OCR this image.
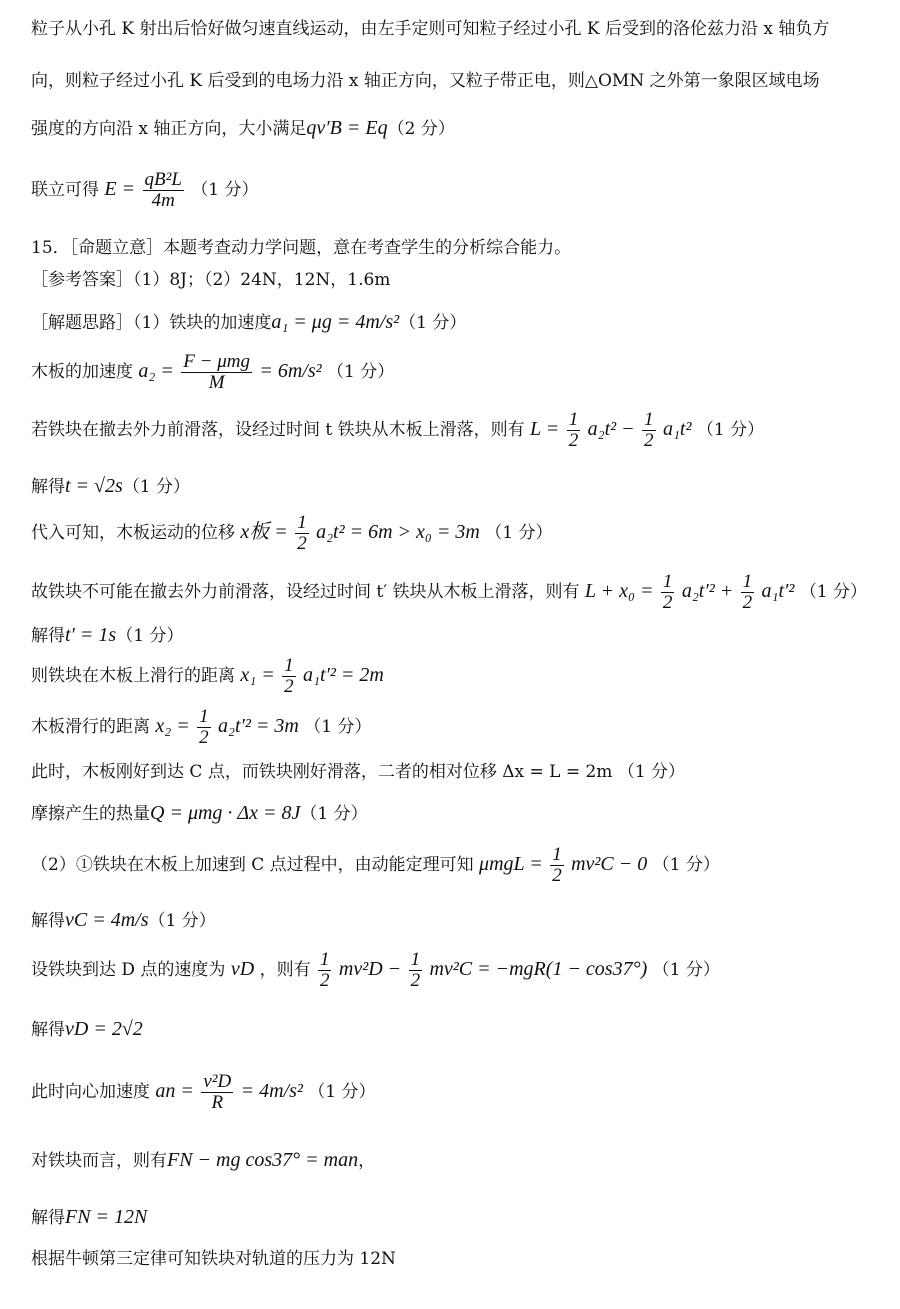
粒子从小孔 K 射出后恰好做匀速直线运动，由左手定则可知粒子经过小孔 K 后受到的洛伦兹力沿 x 轴负方
向，则粒子经过小孔 K 后受到的电场力沿 x 轴正方向，又粒子带正电，则△OMN 之外第一象限区域电场
强度的方向沿 x 轴正方向，大小满足qv′B = Eq（2 分）
联立可得 $E = \frac{\text{qB²L}}{4m} (1$ 分）
15．［命题立意］本题考查动力学问题，意在考查学生的分析综合能力。
［参考答案］（1）8J；（2）24N，12N，1.6m
［解题思路］（1）铁块的加速度a₁ = μg = 4m/s²（1 分）
木板的加速度 $a_2 = \frac{\text{F − μmg}}{M} = 6m/s^2$ （1 分）
若铁块在撤去外力前滑落，设经过时间 t 铁块从木板上滑落，则有 $L = \frac{1}{2} a_2t^2 - \frac{1}{2} a_1t^2$ （1 分）
解得t = √2s（1 分）
代入可知，木板运动的位移 x板 = $\frac{1}{2} a_2t^2 = 6m > x_0 = 3m$ （1 分）
故铁块不可能在撤去外力前滑落，设经过时间 t′ 铁块从木板上滑落，则有 $L + x_0 = \frac{1}{2} a_2t'^2 + \frac{1}{2} a_1t'^2$ （1 分）
解得t′ = 1s（1 分）
则铁块在木板上滑行的距离 $x_1 = \frac{1}{2} a_1t'^2 = 2m$
木板滑行的距离 $x_2 = \frac{1}{2} a_2t'^2 = 3m$ （1 分）
此时，木板刚好到达 C 点，而铁块刚好滑落，二者的相对位移 Δx = L = 2m （1 分）
摩擦产生的热量Q = μmg · Δx = 8J（1 分）
（2）①铁块在木板上加速到 C 点过程中，由动能定理可知 $\mu mgL = \frac{1}{2} mv^2C - 0$ （1 分）
解得vC = 4m/s（1 分）
设铁块到达 D 点的速度为 vD ，则有 $\frac{1}{2} mv^2D - \frac{1}{2} mv^2C = -mgR(1 - \cos 37^\circ)$ （1 分）
解得vD = 2√2
此时向心加速度 an = $\frac{\text{v²D}}{R} = 4m/s^2$ （1 分）
对铁块而言，则有FN − mg cos37° = man，
解得FN = 12N
根据牛顿第三定律可知铁块对轨道的压力为 12N
